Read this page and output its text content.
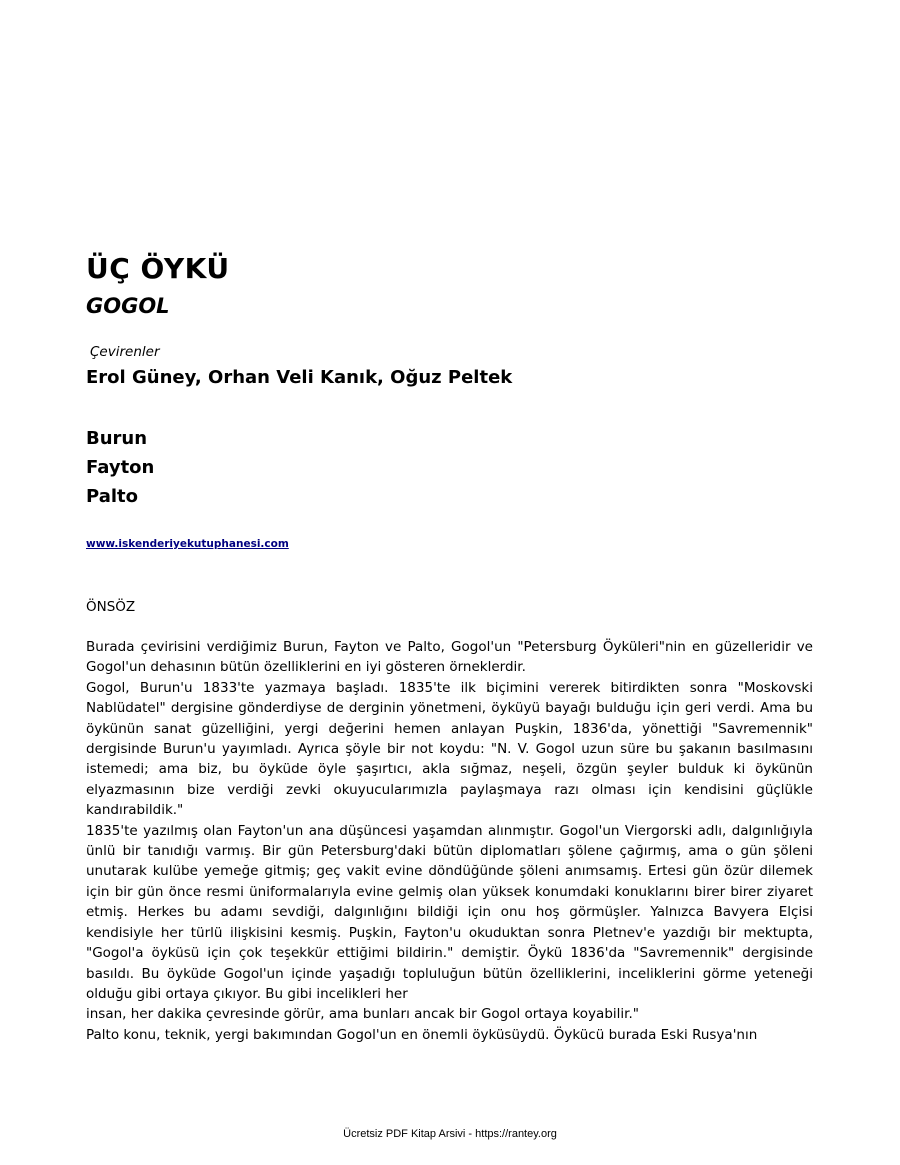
ÜÇ ÖYKÜ
GOGOL
Çevirenler
Erol Güney, Orhan Veli Kanık, Oğuz Peltek
Burun
Fayton
Palto
www.iskenderiyekutuphanesi.com
ÖNSÖZ

Burada çevirisini verdiğimiz Burun, Fayton ve Palto, Gogol'un "Petersburg Öyküleri"nin en güzelleridir ve Gogol'un dehasının bütün özelliklerini en iyi gösteren örneklerdir.

Gogol, Burun'u 1833'te yazmaya başladı. 1835'te ilk biçimini vererek bitirdikten sonra "Moskovski Nablüdatel" dergisine gönderdiyse de derginin yönetmeni, öyküyü bayağı bulduğu için geri verdi. Ama bu öykünün sanat güzelliğini, yergi değerini hemen anlayan Puşkin, 1836'da, yönettiği "Savremennik" dergisinde Burun'u yayımladı. Ayrıca şöyle bir not koydu: "N. V. Gogol uzun süre bu şakanın basılmasını istemedi; ama biz, bu öyküde öyle şaşırtıcı, akla sığmaz, neşeli, özgün şeyler bulduk ki öykünün elyazmasının bize verdiği zevki okuyucularımızla paylaşmaya razı olması için kendisini güçlükle kandırabildik."

1835'te yazılmış olan Fayton'un ana düşüncesi yaşamdan alınmıştır. Gogol'un Viergorski adlı, dalgınlığıyla ünlü bir tanıdığı varmış. Bir gün Petersburg'daki bütün diplomatları şölene çağırmış, ama o gün şöleni unutarak kulübe yemeğe gitmiş; geç vakit evine döndüğünde şöleni anımsamış. Ertesi gün özür dilemek için bir gün önce resmi üniformalarıyla evine gelmiş olan yüksek konumdaki konuklarını birer birer ziyaret etmiş. Herkes bu adamı sevdiği, dalgınlığını bildiği için onu hoş görmüşler. Yalnızca Bavyera Elçisi kendisiyle her türlü ilişkisini kesmiş. Puşkin, Fayton'u okuduktan sonra Pletnev'e yazdığı bir mektupta, "Gogol'a öyküsü için çok teşekkür ettiğimi bildirin." demiştir. Öykü 1836'da "Savremennik" dergisinde basıldı. Bu öyküde Gogol'un içinde yaşadığı topluluğun bütün özelliklerini, inceliklerini görme yeteneği olduğu gibi ortaya çıkıyor. Bu gibi incelikleri her

insan, her dakika çevresinde görür, ama bunları ancak bir Gogol ortaya koyabilir."

Palto konu, teknik, yergi bakımından Gogol'un en önemli öyküsüydü. Öykücü burada Eski Rusya'nın

Ücretsiz PDF Kitap Arsivi - https://rantey.org
